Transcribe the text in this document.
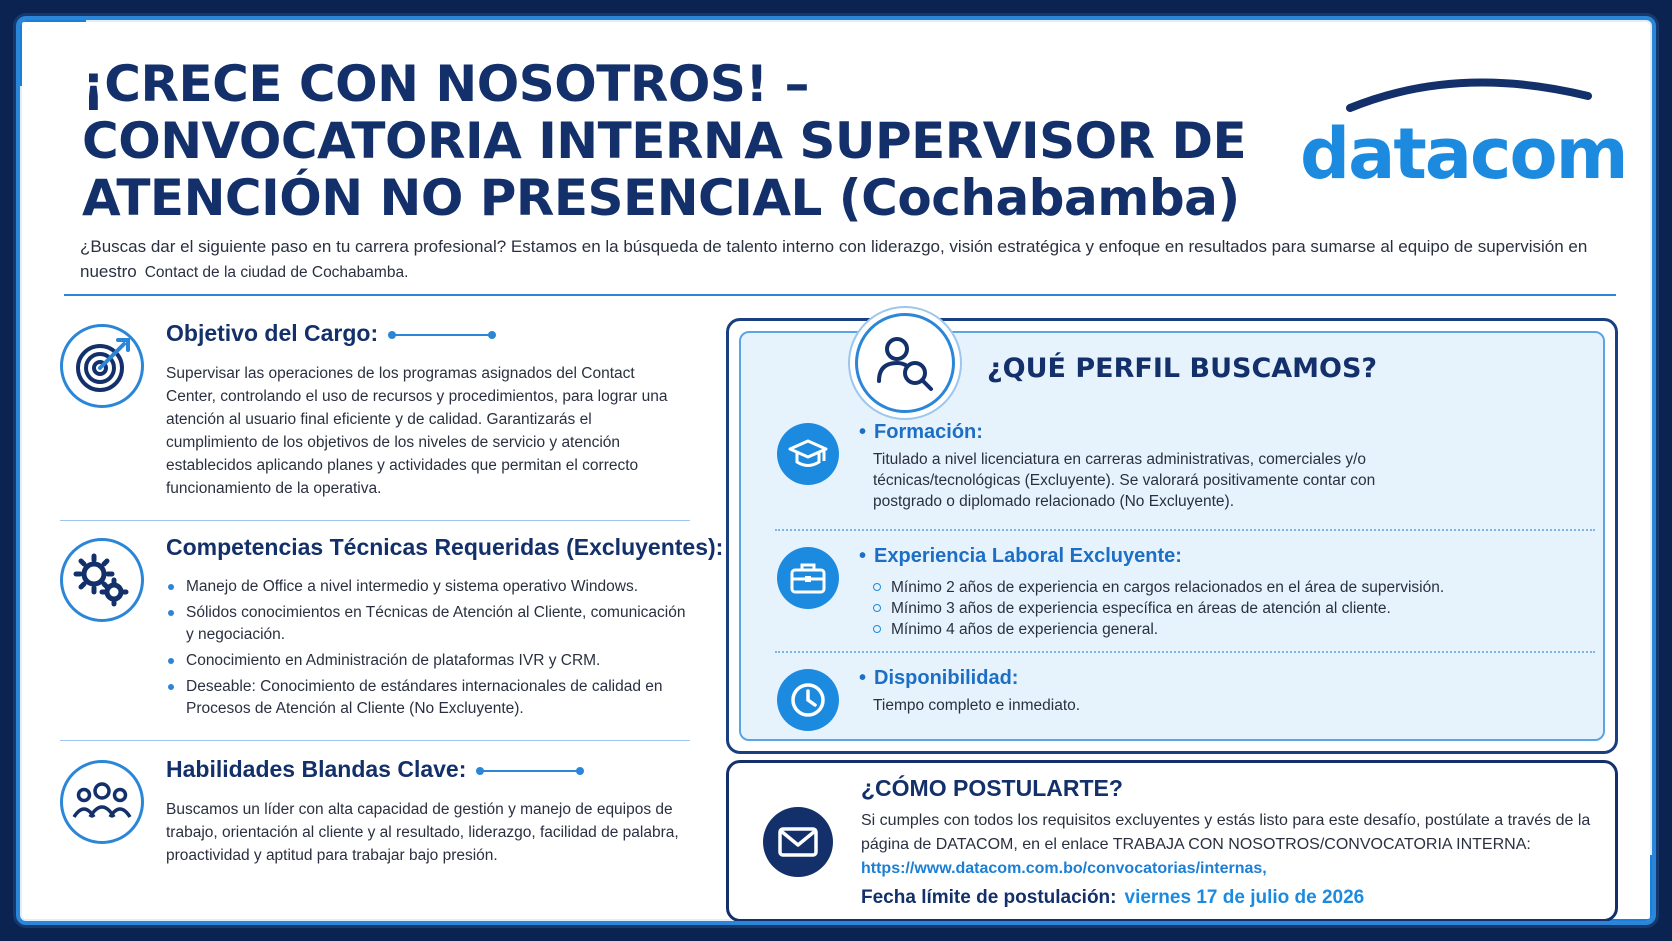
¡CRECE CON NOSOTROS! –
CONVOCATORIA INTERNA SUPERVISOR DE
ATENCIÓN NO PRESENCIAL (Cochabamba)
datacom

¿Buscas dar el siguiente paso en tu carrera profesional? Estamos en la búsqueda de talento interno con liderazgo, visión estratégica y enfoque en resultados para sumarse al equipo de supervisión en nuestro Contact de la ciudad de Cochabamba.

Objetivo del Cargo:

Supervisar las operaciones de los programas asignados del Contact Center, controlando el uso de recursos y procedimientos, para lograr una atención al usuario final eficiente y de calidad. Garantizarás el cumplimiento de los objetivos de los niveles de servicio y atención establecidos aplicando planes y actividades que permitan el correcto funcionamiento de la operativa.

Competencias Técnicas Requeridas (Excluyentes):
Manejo de Office a nivel intermedio y sistema operativo Windows.
Sólidos conocimientos en Técnicas de Atención al Cliente, comunicación y negociación.
Conocimiento en Administración de plataformas IVR y CRM.
Deseable: Conocimiento de estándares internacionales de calidad en Procesos de Atención al Cliente (No Excluyente).
Habilidades Blandas Clave:

Buscamos un líder con alta capacidad de gestión y manejo de equipos de trabajo, orientación al cliente y al resultado, liderazgo, facilidad de palabra, proactividad y aptitud para trabajar bajo presión.

¿QUÉ PERFIL BUSCAMOS?
• Formación:

Titulado a nivel licenciatura en carreras administrativas, comerciales y/o técnicas/tecnológicas (Excluyente). Se valorará positivamente contar con postgrado o diplomado relacionado (No Excluyente).

• Experiencia Laboral Excluyente:
Mínimo 2 años de experiencia en cargos relacionados en el área de supervisión.
Mínimo 3 años de experiencia específica en áreas de atención al cliente.
Mínimo 4 años de experiencia general.
• Disponibilidad:

Tiempo completo e inmediato.

¿CÓMO POSTULARTE?

Si cumples con todos los requisitos excluyentes y estás listo para este desafío, postúlate a través de la página de DATACOM, en el enlace TRABAJA CON NOSOTROS/CONVOCATORIA INTERNA: https://www.datacom.com.bo/convocatorias/internas,

Fecha límite de postulación: viernes 17 de julio de 2026
